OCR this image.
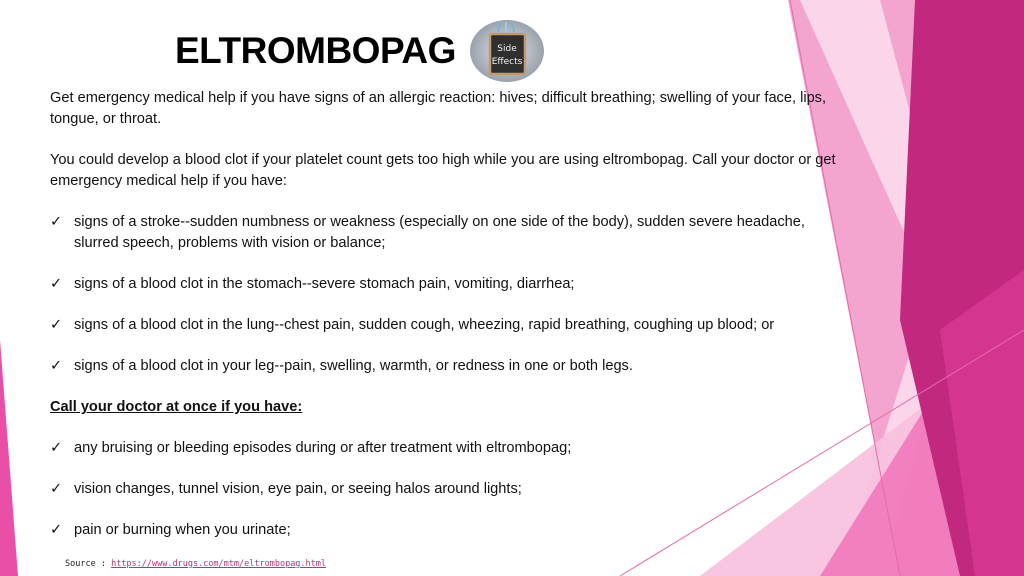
ELTROMBOPAG	Side
Effects

Get emergency medical help if you have signs of an allergic reaction: hives; difficult breathing; swelling of your face, lips, tongue, or throat.

You could develop a blood clot if your platelet count gets too high while you are using eltrombopag. Call your doctor or get emergency medical help if you have:

✓ signs of a stroke--sudden numbness or weakness (especially on one side of the body), sudden severe headache, slurred speech, problems with vision or balance;
✓ signs of a blood clot in the stomach--severe stomach pain, vomiting, diarrhea;
✓ signs of a blood clot in the lung--chest pain, sudden cough, wheezing, rapid breathing, coughing up blood; or
✓ signs of a blood clot in your leg--pain, swelling, warmth, or redness in one or both legs.

Call your doctor at once if you have:

✓ any bruising or bleeding episodes during or after treatment with eltrombopag;
✓ vision changes, tunnel vision, eye pain, or seeing halos around lights;
✓ pain or burning when you urinate;
Source : https://www.drugs.com/mtm/eltrombopag.html
